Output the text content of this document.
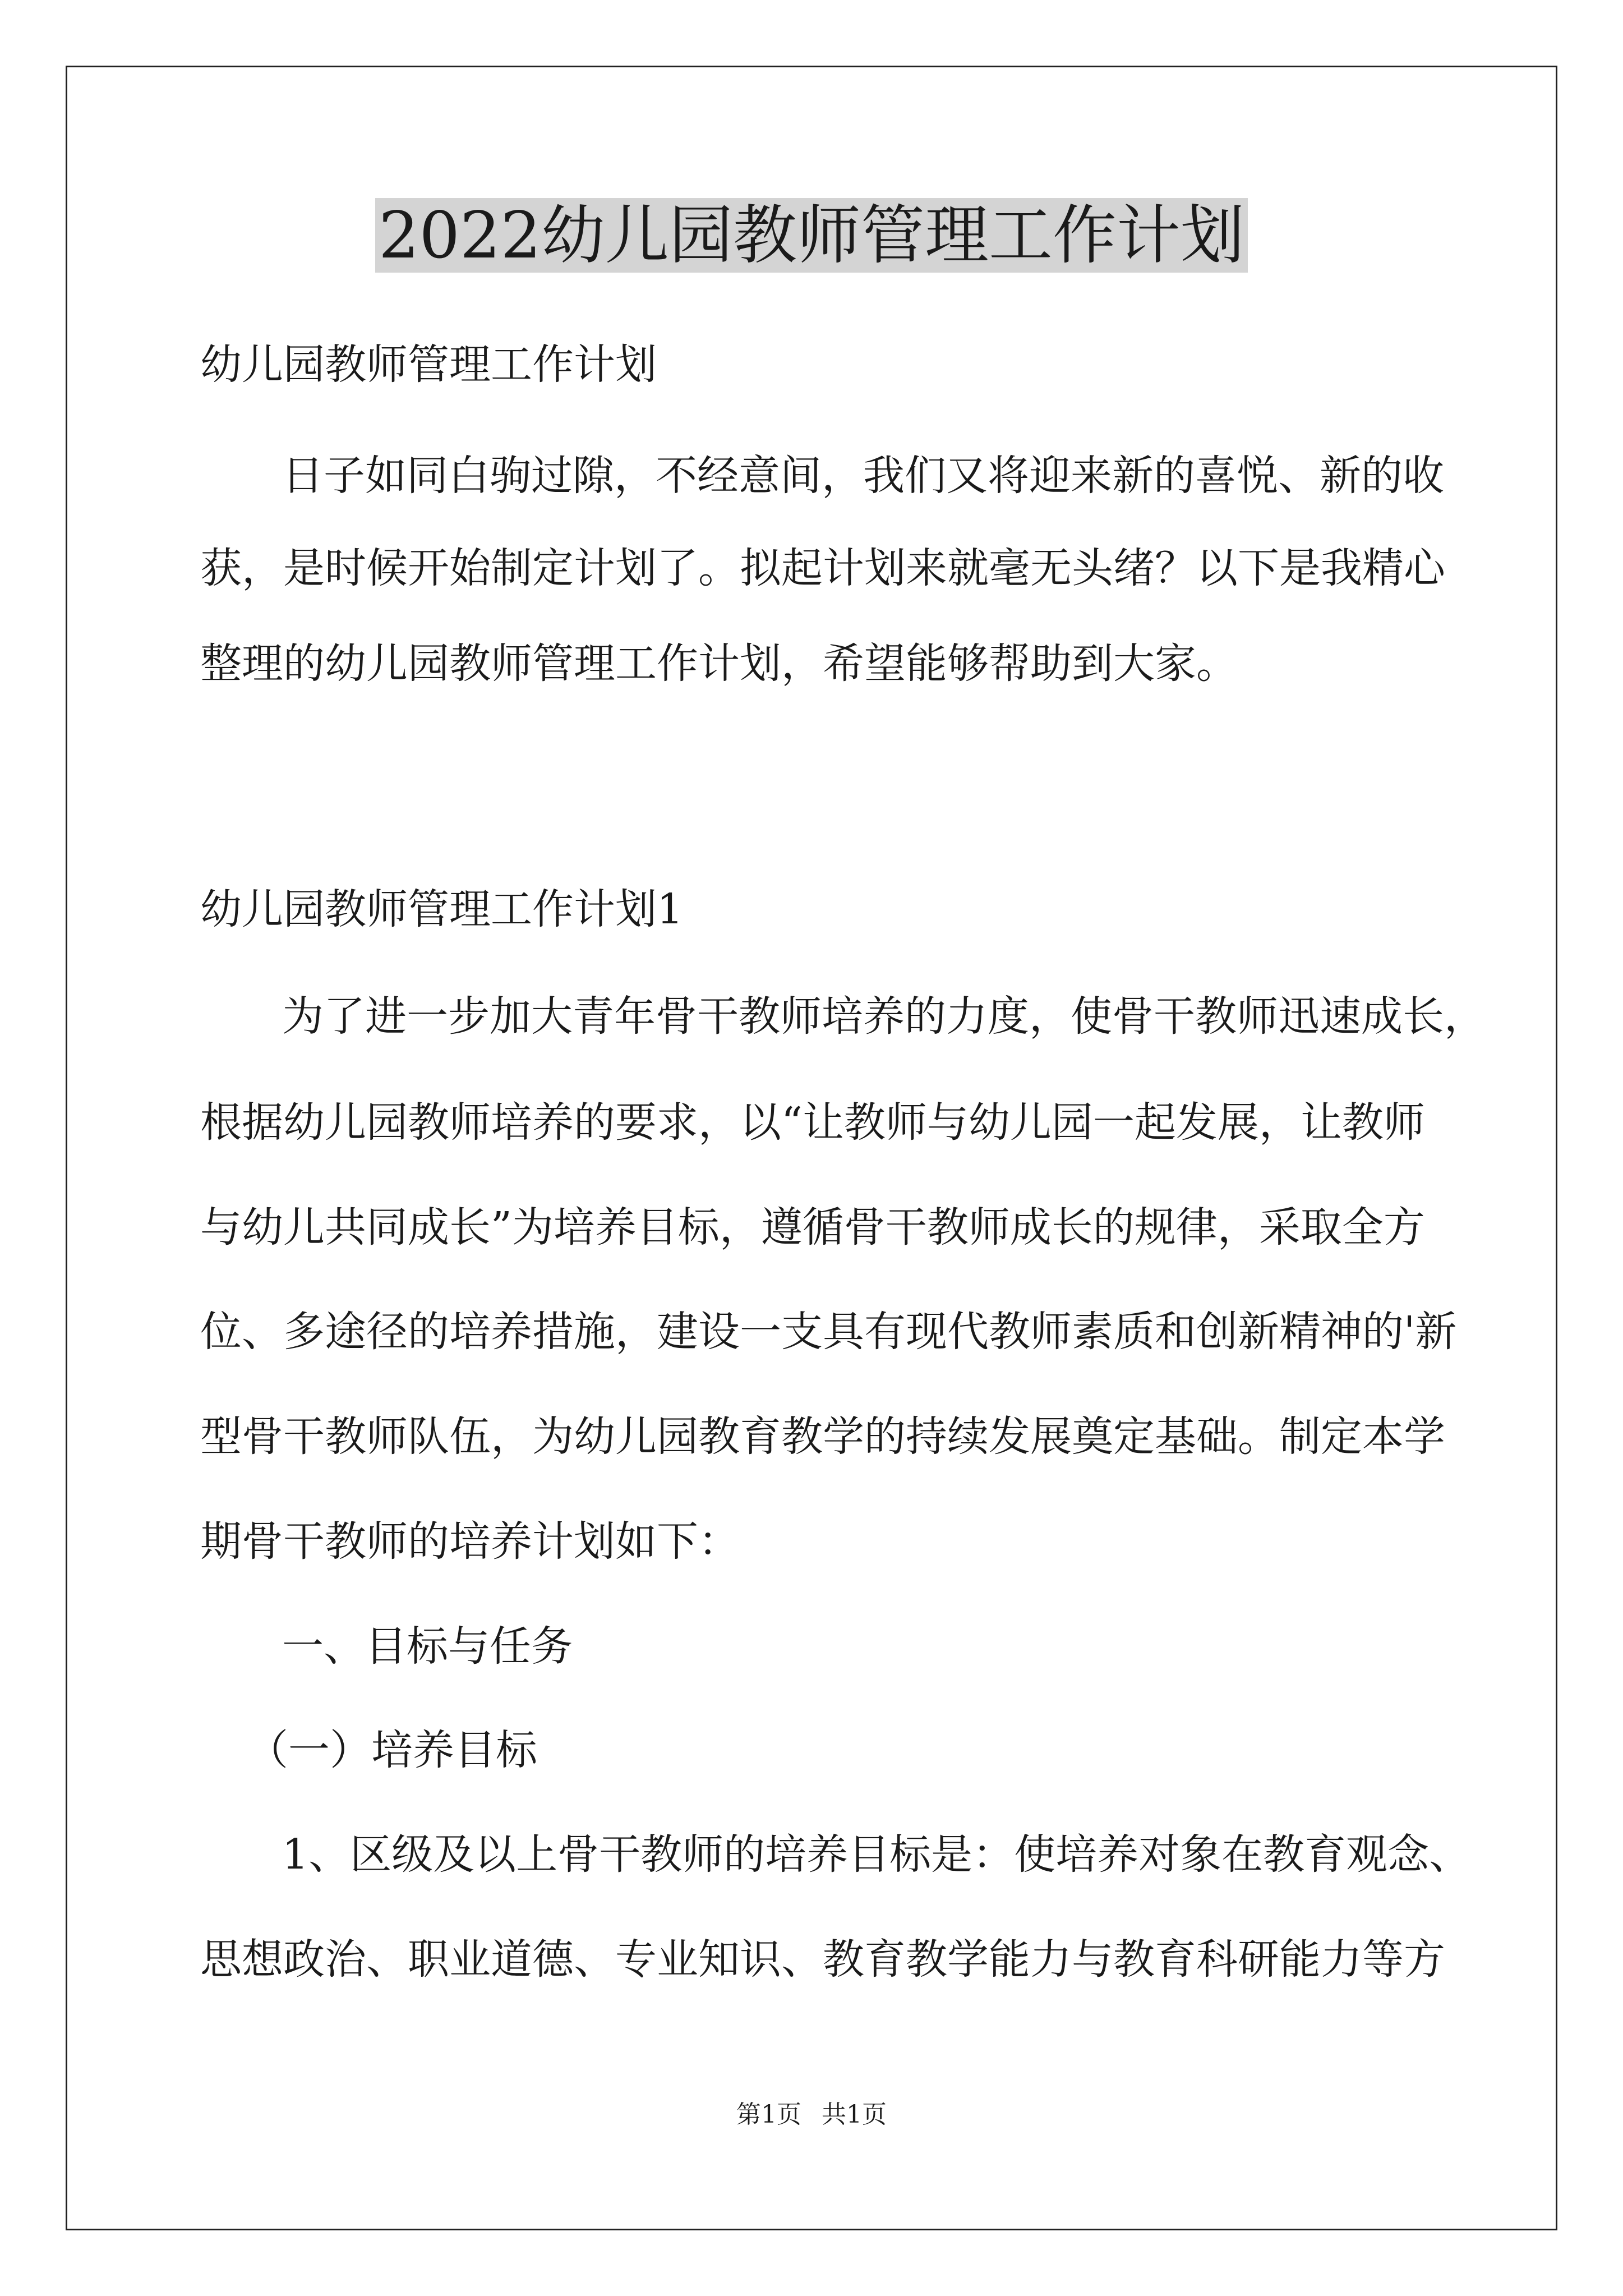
2022幼儿园教师管理工作计划

幼儿园教师管理工作计划

日子如同白驹过隙，不经意间，我们又将迎来新的喜悦、新的收

获，是时候开始制定计划了。拟起计划来就毫无头绪？以下是我精心

整理的幼儿园教师管理工作计划，希望能够帮助到大家。

幼儿园教师管理工作计划1

为了进一步加大青年骨干教师培养的力度，使骨干教师迅速成长，

根据幼儿园教师培养的要求，以“让教师与幼儿园一起发展，让教师

与幼儿共同成长”为培养目标，遵循骨干教师成长的规律，采取全方

位、多途径的培养措施，建设一支具有现代教师素质和创新精神的'新

型骨干教师队伍，为幼儿园教育教学的持续发展奠定基础。制定本学

期骨干教师的培养计划如下：

一、目标与任务

（一）培养目标

1、区级及以上骨干教师的培养目标是：使培养对象在教育观念、

思想政治、职业道德、专业知识、教育教学能力与教育科研能力等方

第1页 共1页
